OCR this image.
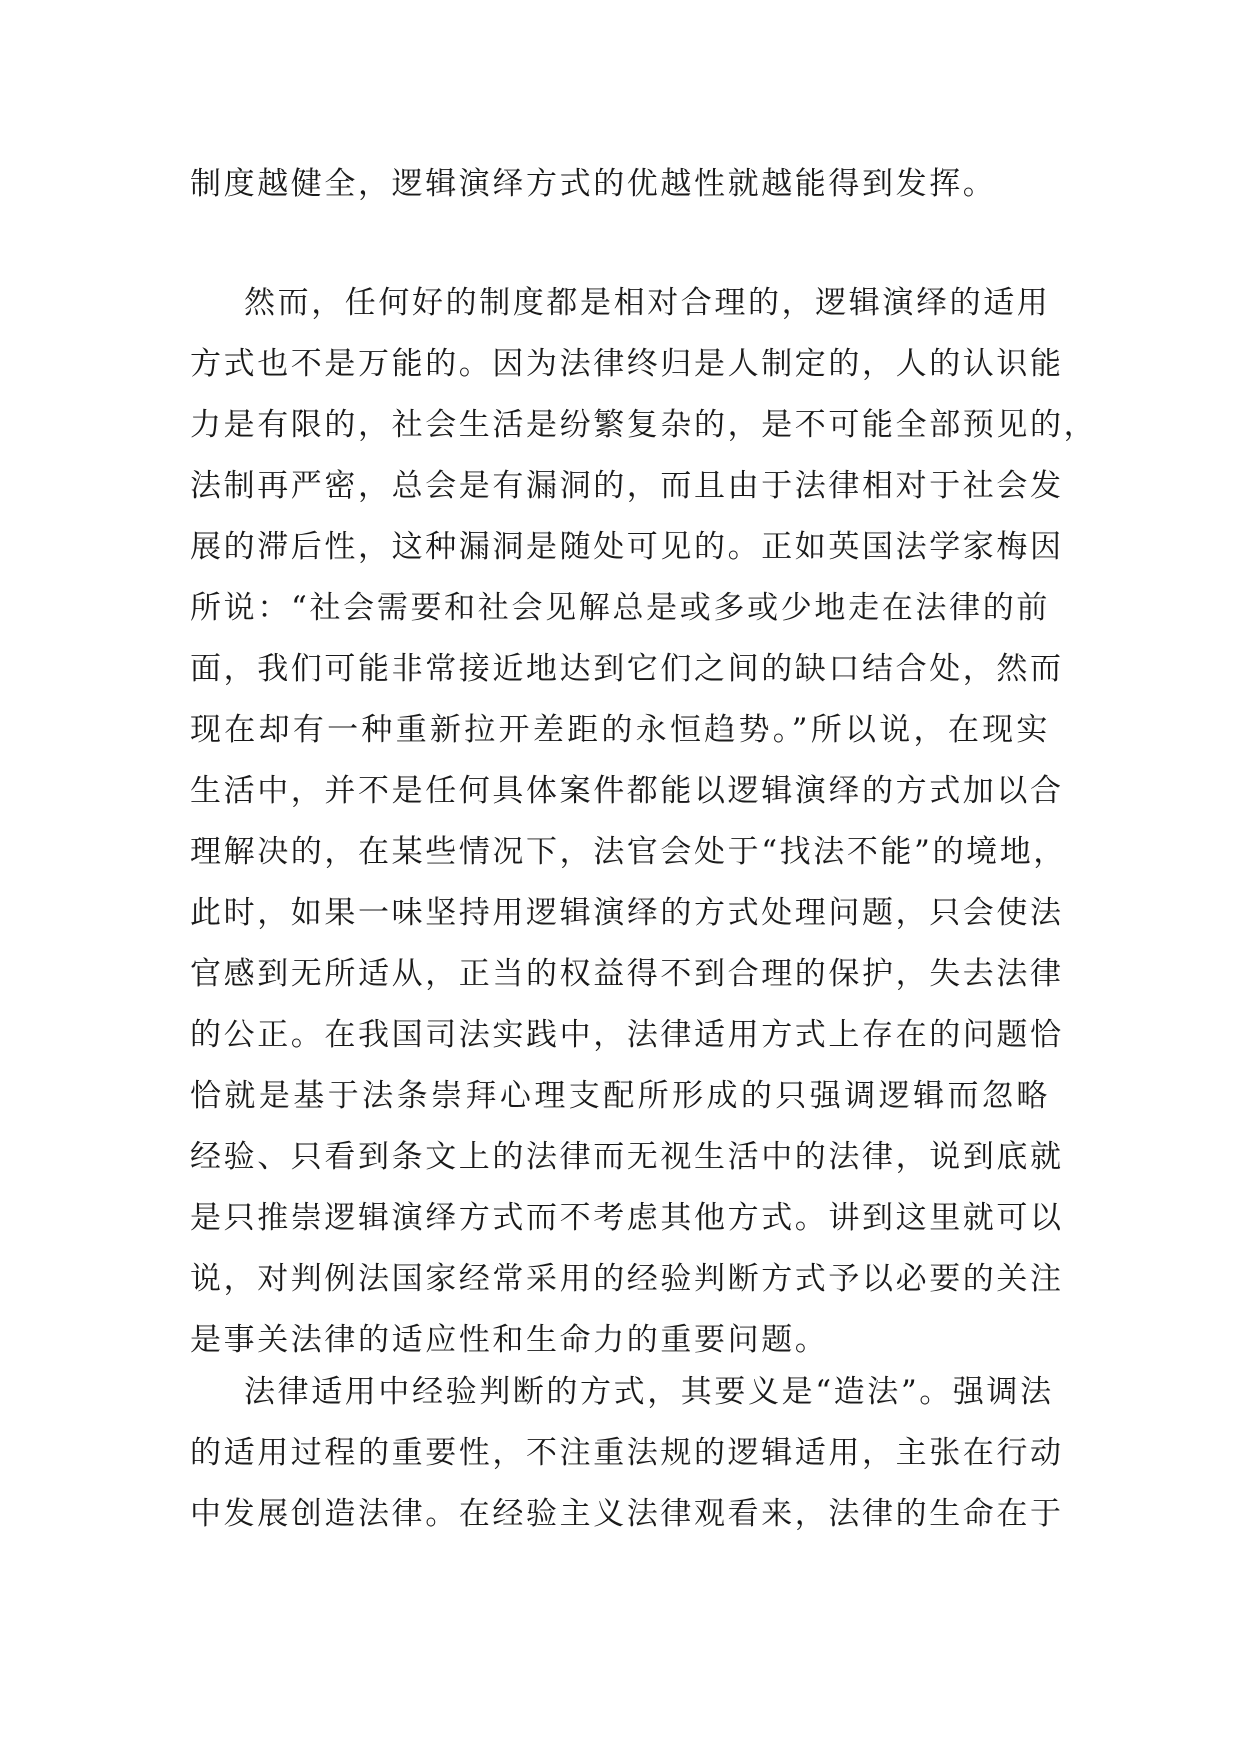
制度越健全，逻辑演绎方式的优越性就越能得到发挥。
然而，任何好的制度都是相对合理的，逻辑演绎的适用
方式也不是万能的。因为法律终归是人制定的，人的认识能
力是有限的，社会生活是纷繁复杂的，是不可能全部预见的，
法制再严密，总会是有漏洞的，而且由于法律相对于社会发
展的滞后性，这种漏洞是随处可见的。正如英国法学家梅因
所说：“社会需要和社会见解总是或多或少地走在法律的前
面，我们可能非常接近地达到它们之间的缺口结合处，然而
现在却有一种重新拉开差距的永恒趋势。”所以说，在现实
生活中，并不是任何具体案件都能以逻辑演绎的方式加以合
理解决的，在某些情况下，法官会处于“找法不能”的境地，
此时，如果一味坚持用逻辑演绎的方式处理问题，只会使法
官感到无所适从，正当的权益得不到合理的保护，失去法律
的公正。在我国司法实践中，法律适用方式上存在的问题恰
恰就是基于法条崇拜心理支配所形成的只强调逻辑而忽略
经验、只看到条文上的法律而无视生活中的法律，说到底就
是只推崇逻辑演绎方式而不考虑其他方式。讲到这里就可以
说，对判例法国家经常采用的经验判断方式予以必要的关注
是事关法律的适应性和生命力的重要问题。
法律适用中经验判断的方式，其要义是“造法”。强调法
的适用过程的重要性，不注重法规的逻辑适用，主张在行动
中发展创造法律。在经验主义法律观看来，法律的生命在于
